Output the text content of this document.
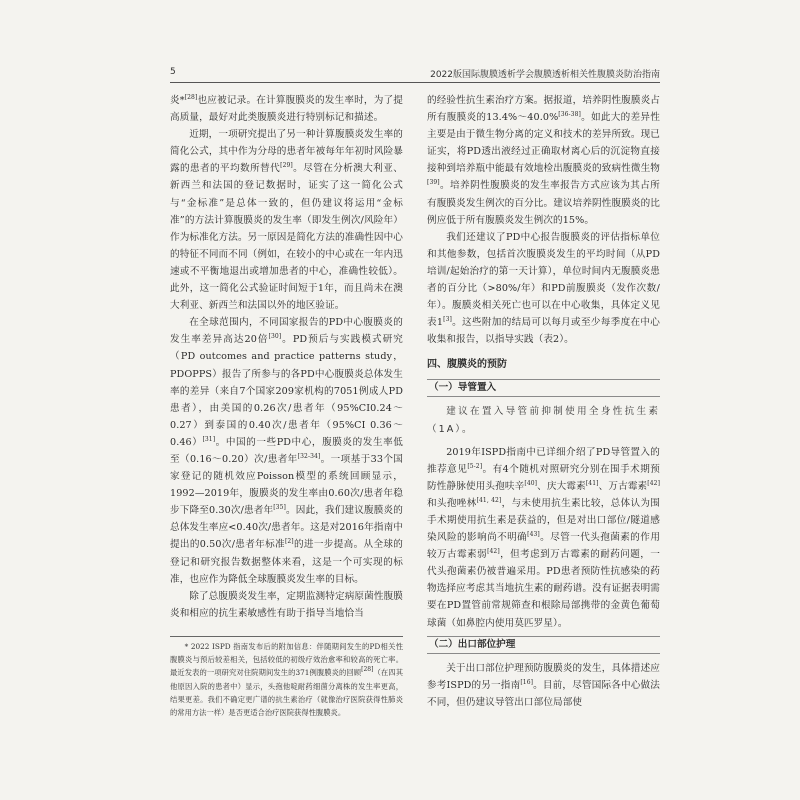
5	2022版国际腹膜透析学会腹膜透析相关性腹膜炎防治指南

炎*[28]也应被记录。在计算腹膜炎的发生率时，为了提高质量，最好对此类腹膜炎进行特别标记和描述。

近期，一项研究提出了另一种计算腹膜炎发生率的简化公式，其中作为分母的患者年被每年年初时风险暴露的患者的平均数所替代[29]。尽管在分析澳大利亚、新西兰和法国的登记数据时，证实了这一简化公式与“金标准”是总体一致的，但仍建议将运用“金标准”的方法计算腹膜炎的发生率（即发生例次/风险年）作为标准化方法。另一原因是简化方法的准确性因中心的特征不同而不同（例如，在较小的中心或在一年内迅速或不平衡地退出或增加患者的中心，准确性较低）。此外，这一简化公式验证时间短于1年，而且尚未在澳大利亚、新西兰和法国以外的地区验证。

在全球范围内，不同国家报告的PD中心腹膜炎的发生率差异高达20倍[30]。PD预后与实践模式研究（PD outcomes and practice patterns study，PDOPPS）报告了所参与的各PD中心腹膜炎总体发生率的差异（来自7个国家209家机构的7051例成人PD患者），由美国的0.26次/患者年（95%CI0.24～0.27）到泰国的0.40次/患者年（95%CI 0.36～0.46）[31]。中国的一些PD中心，腹膜炎的发生率低至（0.16～0.20）次/患者年[32-34]。一项基于33个国家登记的随机效应Poisson模型的系统回顾显示，1992—2019年，腹膜炎的发生率由0.60次/患者年稳步下降至0.30次/患者年[35]。因此，我们建议腹膜炎的总体发生率应<0.40次/患者年。这是对2016年指南中提出的0.50次/患者年标准[2]的进一步提高。从全球的登记和研究报告数据整体来看，这是一个可实现的标准，也应作为降低全球腹膜炎发生率的目标。

除了总腹膜炎发生率，定期监测特定病原菌性腹膜炎和相应的抗生素敏感性有助于指导当地恰当

* 2022 ISPD 指南发布后的附加信息：伴随期间发生的PD相关性腹膜炎与预后较差相关，包括较低的初级疗效治愈率和较高的死亡率。最近发表的一项研究对住院期间发生的371例腹膜炎的回顾[28]（在四其他原因入院的患者中）显示，头孢他啶耐药细菌分离株的发生率更高，结果更差。我们不确定更广谱的抗生素治疗（就像治疗医院获得性肺炎的常用方法一样）是否更适合治疗医院获得性腹膜炎。

的经验性抗生素治疗方案。据报道，培养阴性腹膜炎占所有腹膜炎的13.4%～40.0%[36-38]。如此大的差异性主要是由于微生物分离的定义和技术的差异所致。现已证实，将PD透出液经过正确取材离心后的沉淀物直接接种到培养瓶中能最有效地检出腹膜炎的致病性微生物[39]。培养阴性腹膜炎的发生率报告方式应该为其占所有腹膜炎发生例次的百分比。建议培养阴性腹膜炎的比例应低于所有腹膜炎发生例次的15%。

我们还建议了PD中心报告腹膜炎的评估指标单位和其他参数，包括首次腹膜炎发生的平均时间（从PD培训/起始治疗的第一天计算），单位时间内无腹膜炎患者的百分比（>80%/年）和PD前腹膜炎（发作次数/年）。腹膜炎相关死亡也可以在中心收集，具体定义见表1[3]。这些附加的结局可以每月或至少每季度在中心收集和报告，以指导实践（表2）。

四、腹膜炎的预防
（一）导管置入

建议在置入导管前抑制使用全身性抗生素（1A）。

2019年ISPD指南中已详细介绍了PD导管置入的推荐意见[5-2]。有4个随机对照研究分别在围手术期预防性静脉使用头孢呋辛[40]、庆大霉素[41]、万古霉素[42]和头孢唑林[41, 42]，与未使用抗生素比较，总体认为围手术期使用抗生素是获益的，但是对出口部位/隧道感染风险的影响尚不明确[43]。尽管一代头孢菌素的作用较万古霉素弱[42]，但考虑到万古霉素的耐药问题，一代头孢菌素仍被普遍采用。PD患者预防性抗感染的药物选择应考虑其当地抗生素的耐药谱。没有证据表明需要在PD置管前常规筛查和根除局部携带的金黄色葡萄球菌（如鼻腔内使用莫匹罗星）。

（二）出口部位护理

关于出口部位护理预防腹膜炎的发生，具体措述应参考ISPD的另一指南[16]。目前，尽管国际各中心做法不同，但仍建议导管出口部位局部使
